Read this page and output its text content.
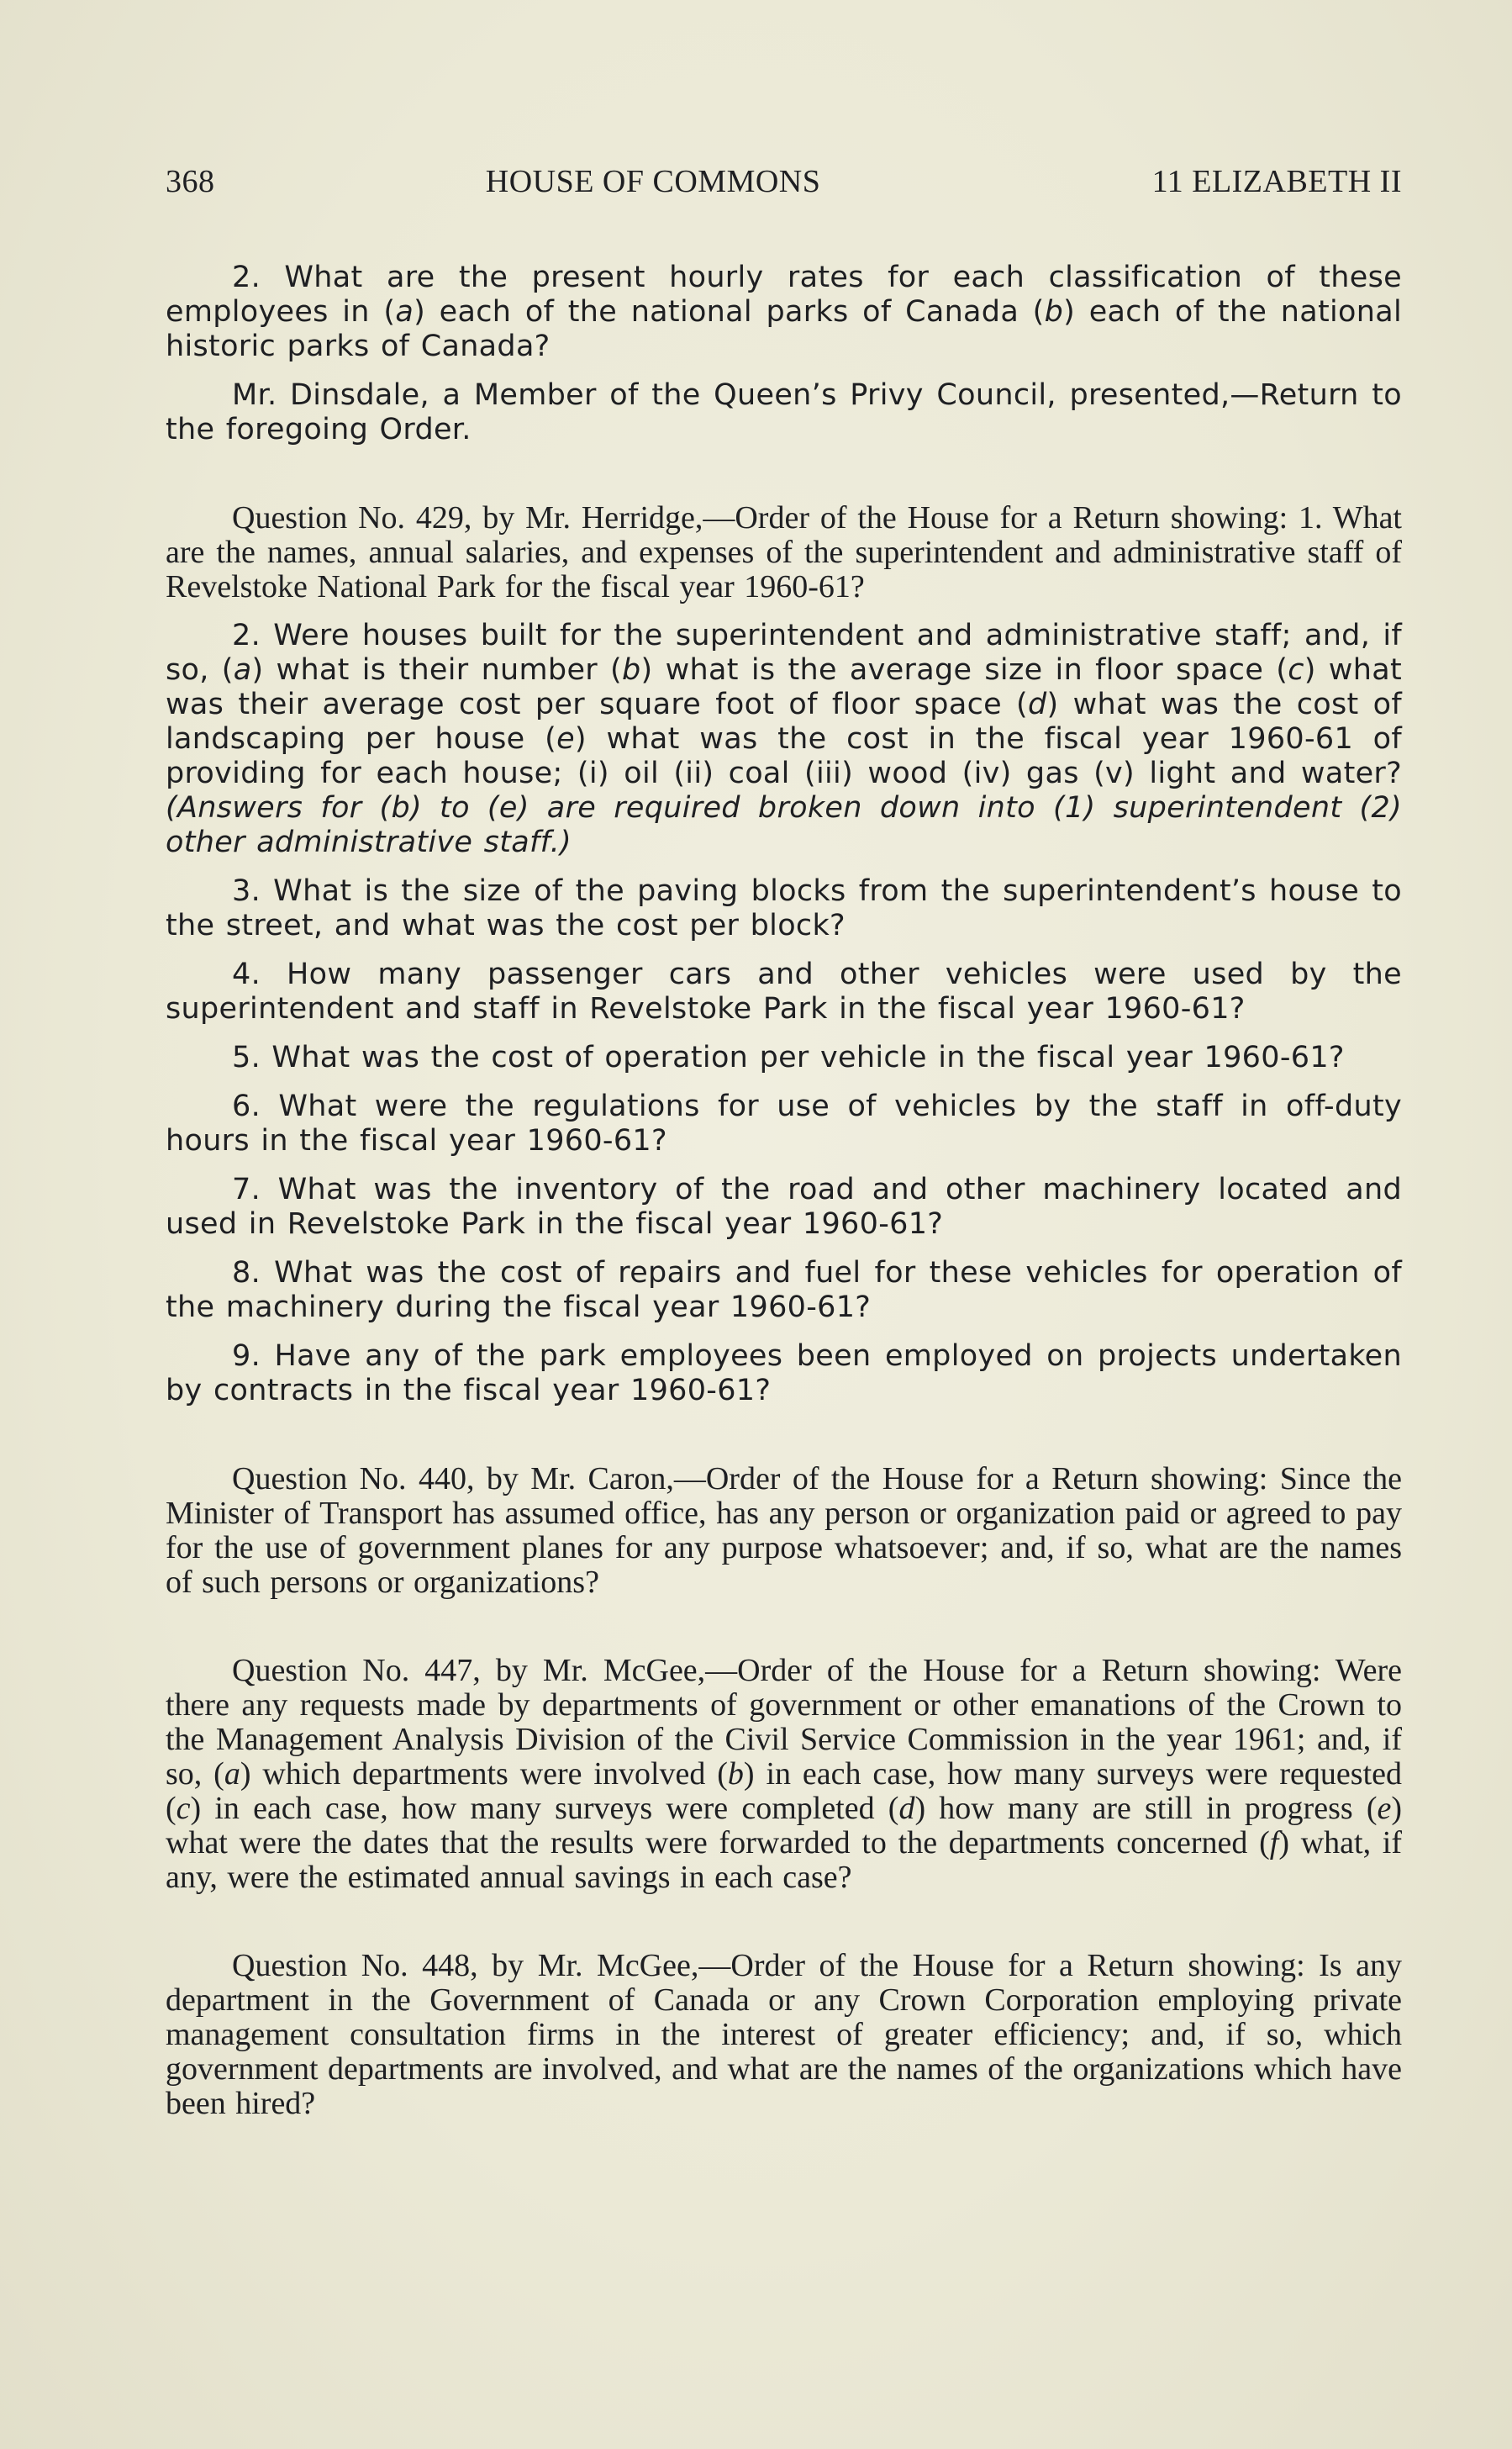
368	HOUSE OF COMMONS	11 ELIZABETH II

2. What are the present hourly rates for each classification of these employees in (a) each of the national parks of Canada (b) each of the national historic parks of Canada?

Mr. Dinsdale, a Member of the Queen’s Privy Council, presented,—Return to the foregoing Order.

Question No. 429, by Mr. Herridge,—Order of the House for a Return showing: 1. What are the names, annual salaries, and expenses of the superintendent and administrative staff of Revelstoke National Park for the fiscal year 1960-61?

2. Were houses built for the superintendent and administrative staff; and, if so, (a) what is their number (b) what is the average size in floor space (c) what was their average cost per square foot of floor space (d) what was the cost of landscaping per house (e) what was the cost in the fiscal year 1960-61 of providing for each house; (i) oil (ii) coal (iii) wood (iv) gas (v) light and water? (Answers for (b) to (e) are required broken down into (1) superintendent (2) other administrative staff.)

3. What is the size of the paving blocks from the superintendent’s house to the street, and what was the cost per block?

4. How many passenger cars and other vehicles were used by the superintendent and staff in Revelstoke Park in the fiscal year 1960-61?

5. What was the cost of operation per vehicle in the fiscal year 1960-61?

6. What were the regulations for use of vehicles by the staff in off-duty hours in the fiscal year 1960-61?

7. What was the inventory of the road and other machinery located and used in Revelstoke Park in the fiscal year 1960-61?

8. What was the cost of repairs and fuel for these vehicles for operation of the machinery during the fiscal year 1960-61?

9. Have any of the park employees been employed on projects undertaken by contracts in the fiscal year 1960-61?

Question No. 440, by Mr. Caron,—Order of the House for a Return showing: Since the Minister of Transport has assumed office, has any person or organization paid or agreed to pay for the use of government planes for any purpose whatsoever; and, if so, what are the names of such persons or organizations?

Question No. 447, by Mr. McGee,—Order of the House for a Return showing: Were there any requests made by departments of government or other emanations of the Crown to the Management Analysis Division of the Civil Service Commission in the year 1961; and, if so, (a) which departments were involved (b) in each case, how many surveys were requested (c) in each case, how many surveys were completed (d) how many are still in progress (e) what were the dates that the results were forwarded to the departments concerned (f) what, if any, were the estimated annual savings in each case?

Question No. 448, by Mr. McGee,—Order of the House for a Return showing: Is any department in the Government of Canada or any Crown Corporation employing private management consultation firms in the interest of greater efficiency; and, if so, which government departments are involved, and what are the names of the organizations which have been hired?
